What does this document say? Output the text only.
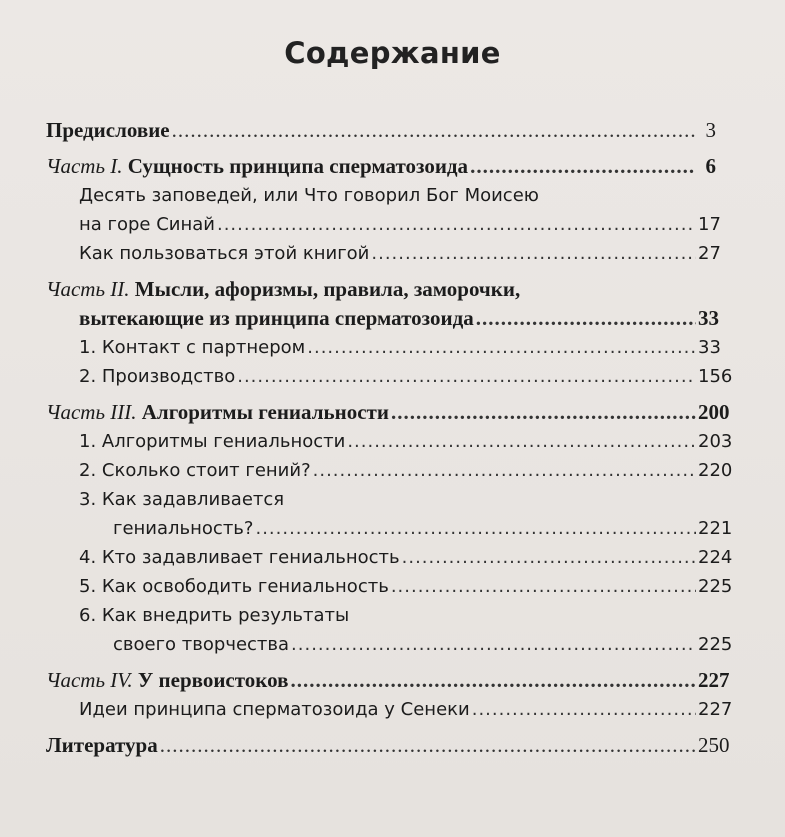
Содержание
Предисловие .....	3
Часть I. Сущность принципа сперматозоида .....	6
Десять заповедей, или Что говорил Бог Моисею
на горе Синай .....	17
Как пользоваться этой книгой .....	27
Часть II. Мысли, афоризмы, правила, заморочки,
вытекающие из принципа сперматозоида .....	33
1. Контакт с партнером .....	33
2. Производство .....	156
Часть III. Алгоритмы гениальности .....	200
1. Алгоритмы гениальности .....	203
2. Сколько стоит гений? .....	220
3. Как задавливается
гениальность? .....	221
4. Кто задавливает гениальность .....	224
5. Как освободить гениальность .....	225
6. Как внедрить результаты
своего творчества .....	225
Часть IV. У первоистоков .....	227
Идеи принципа сперматозоида у Сенеки .....	227
Литература .....	250
